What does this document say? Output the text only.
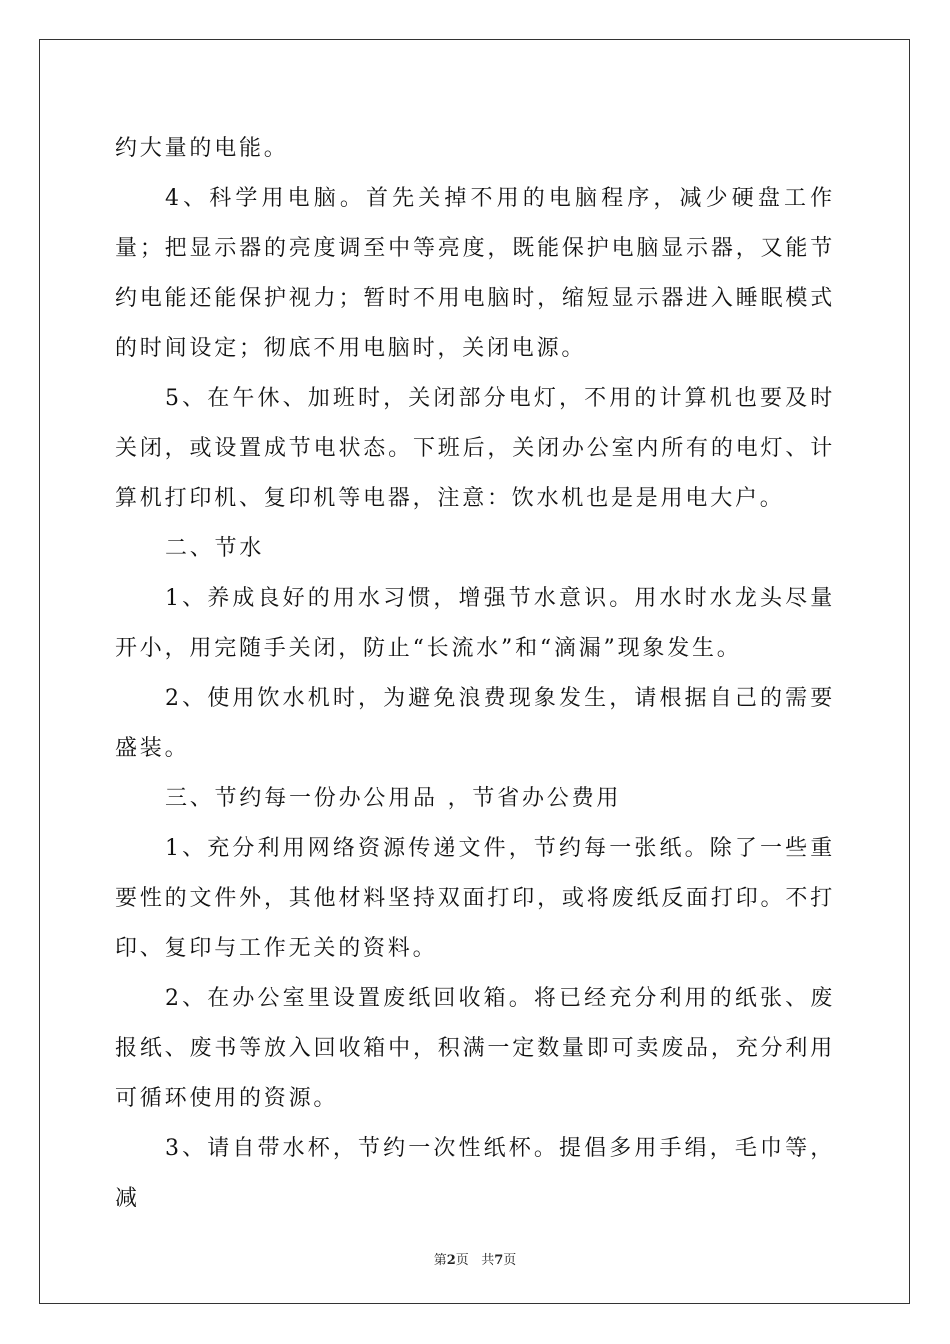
约大量的电能。

4、科学用电脑。首先关掉不用的电脑程序，减少硬盘工作量；把显示器的亮度调至中等亮度，既能保护电脑显示器，又能节约电能还能保护视力；暂时不用电脑时，缩短显示器进入睡眠模式的时间设定；彻底不用电脑时，关闭电源。

5、在午休、加班时，关闭部分电灯，不用的计算机也要及时关闭，或设置成节电状态。下班后，关闭办公室内所有的电灯、计算机打印机、复印机等电器，注意：饮水机也是是用电大户。

二、节水

1、养成良好的用水习惯，增强节水意识。用水时水龙头尽量开小，用完随手关闭，防止“长流水”和“滴漏”现象发生。

2、使用饮水机时，为避免浪费现象发生，请根据自己的需要盛装。

三、节约每一份办公用品 ，节省办公费用

1、充分利用网络资源传递文件，节约每一张纸。除了一些重要性的文件外，其他材料坚持双面打印，或将废纸反面打印。不打印、复印与工作无关的资料。

2、在办公室里设置废纸回收箱。将已经充分利用的纸张、废报纸、废书等放入回收箱中，积满一定数量即可卖废品，充分利用可循环使用的资源。

3、请自带水杯，节约一次性纸杯。提倡多用手绢，毛巾等，减

第2页 共7页
